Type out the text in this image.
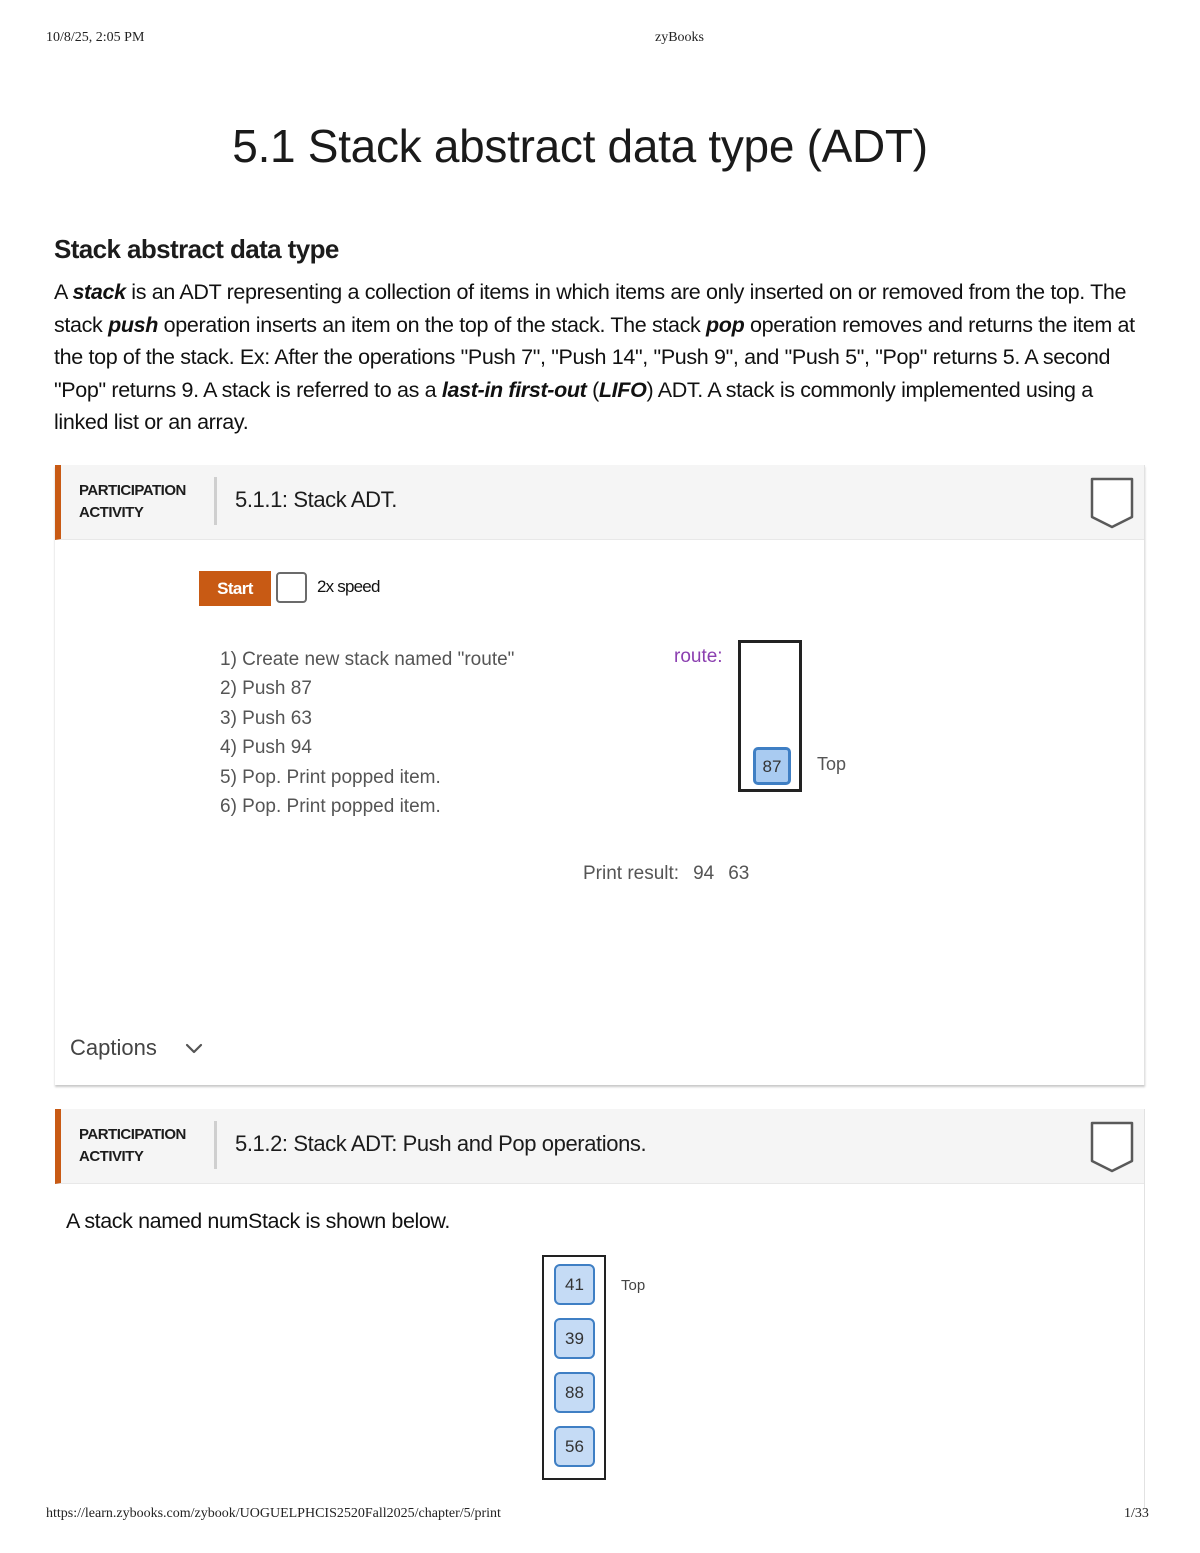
10/8/25, 2:05 PM	zyBooks
5.1 Stack abstract data type (ADT)
Stack abstract data type

A stack is an ADT representing a collection of items in which items are only inserted on or removed from the top. The stack push operation inserts an item on the top of the stack. The stack pop operation removes and returns the item at the top of the stack. Ex: After the operations "Push 7", "Push 14", "Push 9", and "Push 5", "Pop" returns 5. A second "Pop" returns 9. A stack is referred to as a last-in first-out (LIFO) ADT. A stack is commonly implemented using a linked list or an array.

PARTICIPATION
ACTIVITY
5.1.1: Stack ADT.
Start	2x speed
1) Create new stack named "route"
2) Push 87
3) Push 63
4) Push 94
5) Pop. Print popped item.
6) Pop. Print popped item.
route:
87	Top
Print result: 94 63
Captions
PARTICIPATION
ACTIVITY
5.1.2: Stack ADT: Push and Pop operations.
A stack named numStack is shown below.
41
39
88
56
Top
https://learn.zybooks.com/zybook/UOGUELPHCIS2520Fall2025/chapter/5/print	1/33
